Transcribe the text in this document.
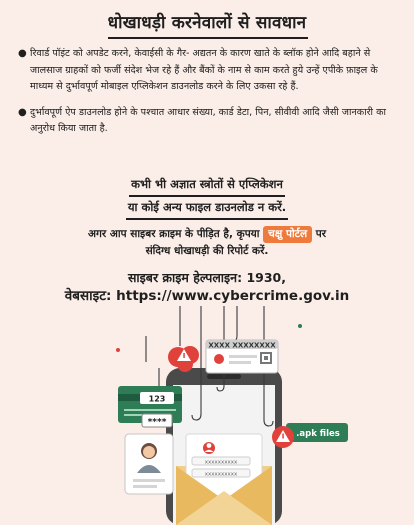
धोखाधड़ी करनेवालों से सावधान
● रिवार्ड पॉइंट को अपडेट करने, केवाईसी के गैर- अद्यतन के कारण खाते के ब्लॉक होने आदि बहाने से जालसाज ग्राहकों को फर्जी संदेश भेज रहे हैं और बैंकों के नाम से काम करते हुये उन्हें एपीके फ़ाइल के माध्यम से दुर्भावपूर्ण मोबाइल एप्लिकेशन डाउनलोड करने के लिए उकसा रहे हैं.
● दुर्भावपूर्ण ऐप डाउनलोड होने के पश्चात आधार संख्या, कार्ड डेटा, पिन, सीवीवी आदि जैसी जानकारी का अनुरोध किया जाता है.
कभी भी अज्ञात स्त्रोतों से एप्लिकेशन
या कोई अन्य फाइल डाउनलोड न करें.
अगर आप साइबर क्राइम के पीड़ित है, कृपया चक्षु पोर्टल पर
संदिग्ध धोखाधड़ी की रिपोर्ट करें.
साइबर क्राइम हेल्पलाइन: 1930,
वेबसाइट: https://www.cybercrime.gov.in
xxxxxxxxxx
xxxxxxxxxx
XXXX XXXXXXXX
123
****
.apk files
